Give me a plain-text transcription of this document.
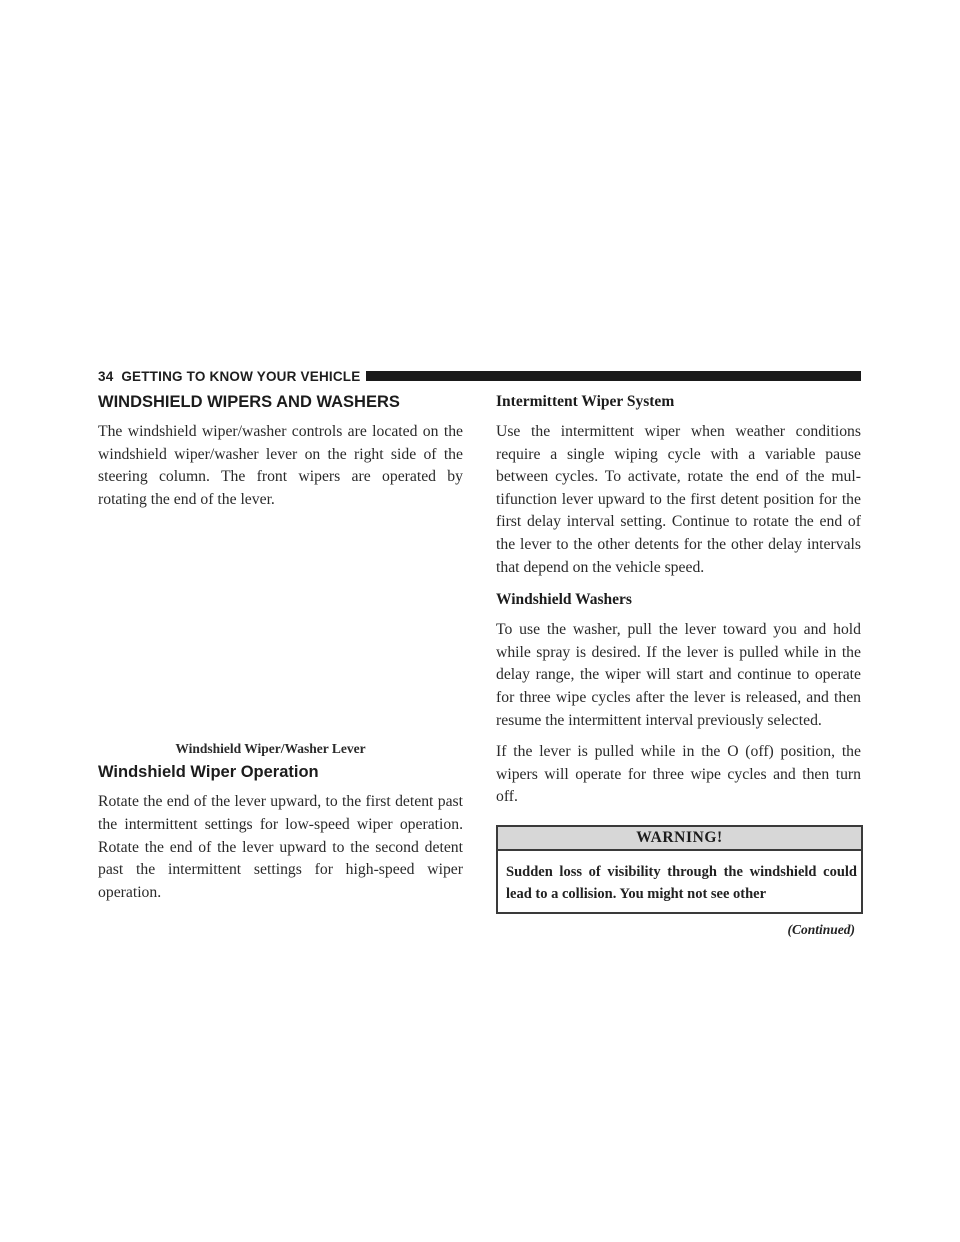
34 GETTING TO KNOW YOUR VEHICLE
WINDSHIELD WIPERS AND WASHERS

The windshield wiper/washer controls are located on the windshield wiper/washer lever on the right side of the steering column. The front wipers are operated by rotating the end of the lever.

Windshield Wiper/Washer Lever
Windshield Wiper Operation

Rotate the end of the lever upward, to the first detent past the intermittent settings for low-speed wiper operation. Rotate the end of the lever upward to the second detent past the intermittent settings for high-speed wiper operation.

Intermittent Wiper System

Use the intermittent wiper when weather conditions require a single wiping cycle with a variable pause between cycles. To activate, rotate the end of the multifunction lever upward to the first detent position for the first delay interval setting. Continue to rotate the end of the lever to the other detents for the other delay intervals that depend on the vehicle speed.

Windshield Washers

To use the washer, pull the lever toward you and hold while spray is desired. If the lever is pulled while in the delay range, the wiper will start and continue to operate for three wipe cycles after the lever is released, and then resume the intermittent interval previously selected.

If the lever is pulled while in the O (off) position, the wipers will operate for three wipe cycles and then turn off.

WARNING!
Sudden loss of visibility through the windshield could lead to a collision. You might not see other
(Continued)
